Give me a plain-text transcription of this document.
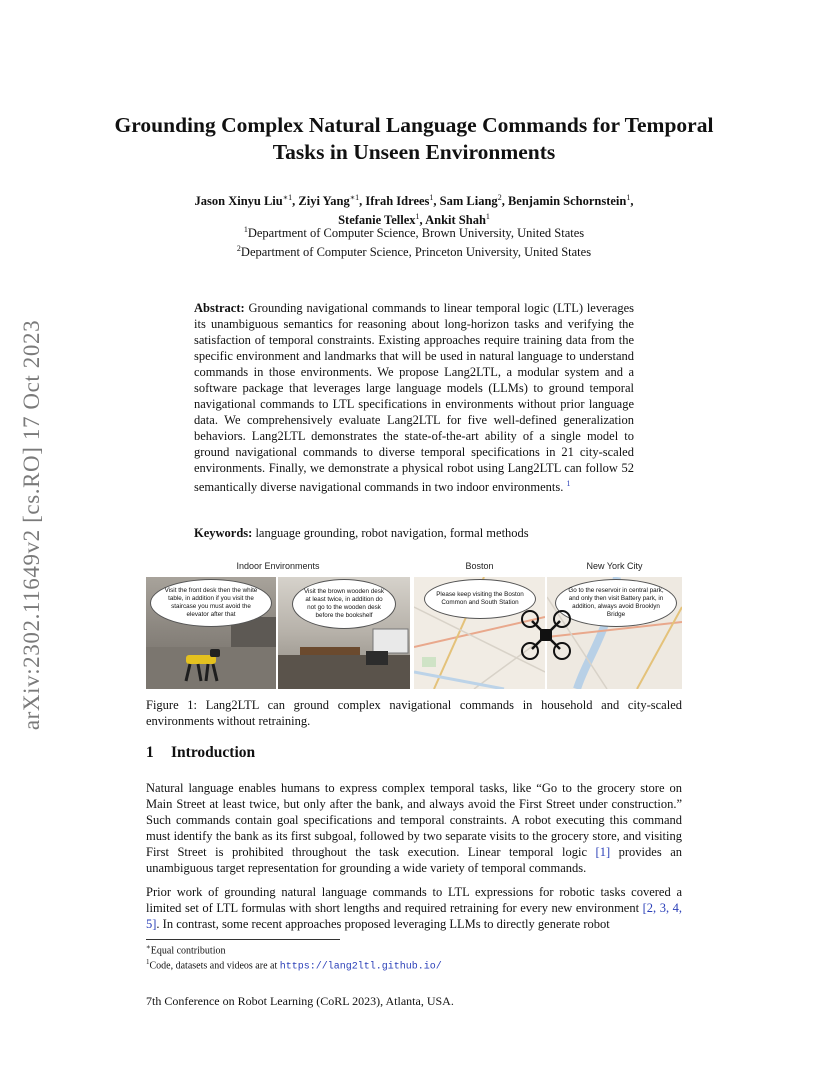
arXiv:2302.11649v2 [cs.RO] 17 Oct 2023
Grounding Complex Natural Language Commands for Temporal Tasks in Unseen Environments
Jason Xinyu Liu$^{∗1}$, Ziyi Yang$^{∗1}$, Ifrah Idrees$^1$, Sam Liang$^2$, Benjamin Schornstein$^1$,
Stefanie Tellex$^1$, Ankit Shah$^1$
$^1$Department of Computer Science, Brown University, United States
$^2$Department of Computer Science, Princeton University, United States
Abstract: Grounding navigational commands to linear temporal logic (LTL) leverages its unambiguous semantics for reasoning about long-horizon tasks and verifying the satisfaction of temporal constraints. Existing approaches require training data from the specific environment and landmarks that will be used in natural language to understand commands in those environments. We propose Lang2LTL, a modular system and a software package that leverages large language models (LLMs) to ground temporal navigational commands to LTL specifications in environments without prior language data. We comprehensively evaluate Lang2LTL for five well-defined generalization behaviors. Lang2LTL demonstrates the state-of-the-art ability of a single model to ground navigational commands to diverse temporal specifications in 21 city-scaled environments. Finally, we demonstrate a physical robot using Lang2LTL can follow 52 semantically diverse navigational commands in two indoor environments. $^1$
Keywords: language grounding, robot navigation, formal methods
Indoor Environments	Boston	New York City
Visit the front desk then the white table, in addition if you visit the staircase you must avoid the elevator after that
Visit the brown wooden desk at least twice, in addition do not go to the wooden desk before the bookshelf
Please keep visiting the Boston Common and South Station
Go to the reservoir in central park, and only then visit Battery park, in addition, always avoid Brooklyn Bridge
Figure 1: Lang2LTL can ground complex navigational commands in household and city-scaled environments without retraining.
1 Introduction
Natural language enables humans to express complex temporal tasks, like “Go to the grocery store on Main Street at least twice, but only after the bank, and always avoid the First Street under construction.” Such commands contain goal specifications and temporal constraints. A robot executing this command must identify the bank as its first subgoal, followed by two separate visits to the grocery store, and visiting First Street is prohibited throughout the task execution. Linear temporal logic [1] provides an unambiguous target representation for grounding a wide variety of temporal commands.
Prior work of grounding natural language commands to LTL expressions for robotic tasks covered a limited set of LTL formulas with short lengths and required retraining for every new environment [2, 3, 4, 5]. In contrast, some recent approaches proposed leveraging LLMs to directly generate robot
∗Equal contribution
$^1$Code, datasets and videos are at https://lang2ltl.github.io/
7th Conference on Robot Learning (CoRL 2023), Atlanta, USA.
